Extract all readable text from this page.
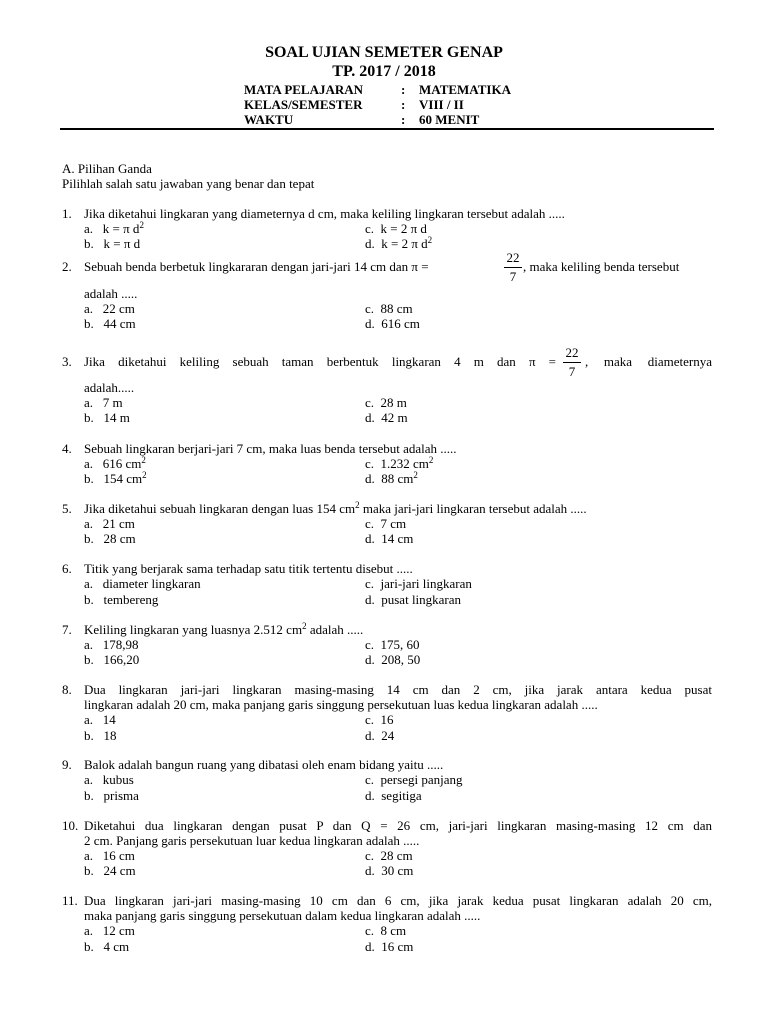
SOAL UJIAN SEMETER GENAP
TP. 2017 / 2018
MATA PELAJARAN	: MATEMATIKA
KELAS/SEMESTER	: VIII / II
WAKTU	: 60 MENIT
A. Pilihan Ganda
Pilihlah salah satu jawaban yang benar dan tepat
1. Jika diketahui lingkaran yang diameternya d cm, maka keliling lingkaran tersebut adalah .....
a. k = π $d^2$
b. k = π d
c. k = 2 π d
d. k = 2 π $d^2$
2. Sebuah benda berbetuk lingkararan dengan jari-jari 14 cm dan π =
22
7
, maka keliling benda tersebut
adalah .....
a. 22 cm
b. 44 cm
c. 88 cm
d. 616 cm
3. Jika diketahui keliling sebuah taman berbentuk lingkaran 4 m dan π =
22
7
, maka diameternya
adalah.....
a. 7 m
b. 14 m
c. 28 m
d. 42 m
4. Sebuah lingkaran berjari-jari 7 cm, maka luas benda tersebut adalah .....
a. 616 $cm^2$
b. 154 $cm^2$
c. 1.232 $cm^2$
d. 88 $cm^2$
5. Jika diketahui sebuah lingkaran dengan luas 154 $cm^2$ maka jari-jari lingkaran tersebut adalah .....
a. 21 cm
b. 28 cm
c. 7 cm
d. 14 cm
6. Titik yang berjarak sama terhadap satu titik tertentu disebut .....
a. diameter lingkaran
b. tembereng
c. jari-jari lingkaran
d. pusat lingkaran
7. Keliling lingkaran yang luasnya 2.512 $cm^2$ adalah .....
a. 178,98
b. 166,20
c. 175, 60
d. 208, 50
8. Dua lingkaran jari-jari lingkaran masing-masing 14 cm dan 2 cm, jika jarak antara kedua pusat
lingkaran adalah 20 cm, maka panjang garis singgung persekutuan luas kedua lingkaran adalah .....
a. 14
b. 18
c. 16
d. 24
9. Balok adalah bangun ruang yang dibatasi oleh enam bidang yaitu .....
a. kubus
b. prisma
c. persegi panjang
d. segitiga
10. Diketahui dua lingkaran dengan pusat P dan Q = 26 cm, jari-jari lingkaran masing-masing 12 cm dan
2 cm. Panjang garis persekutuan luar kedua lingkaran adalah .....
a. 16 cm
b. 24 cm
c. 28 cm
d. 30 cm
11. Dua lingkaran jari-jari masing-masing 10 cm dan 6 cm, jika jarak kedua pusat lingkaran adalah 20 cm,
maka panjang garis singgung persekutuan dalam kedua lingkaran adalah .....
a. 12 cm
b. 4 cm
c. 8 cm
d. 16 cm
